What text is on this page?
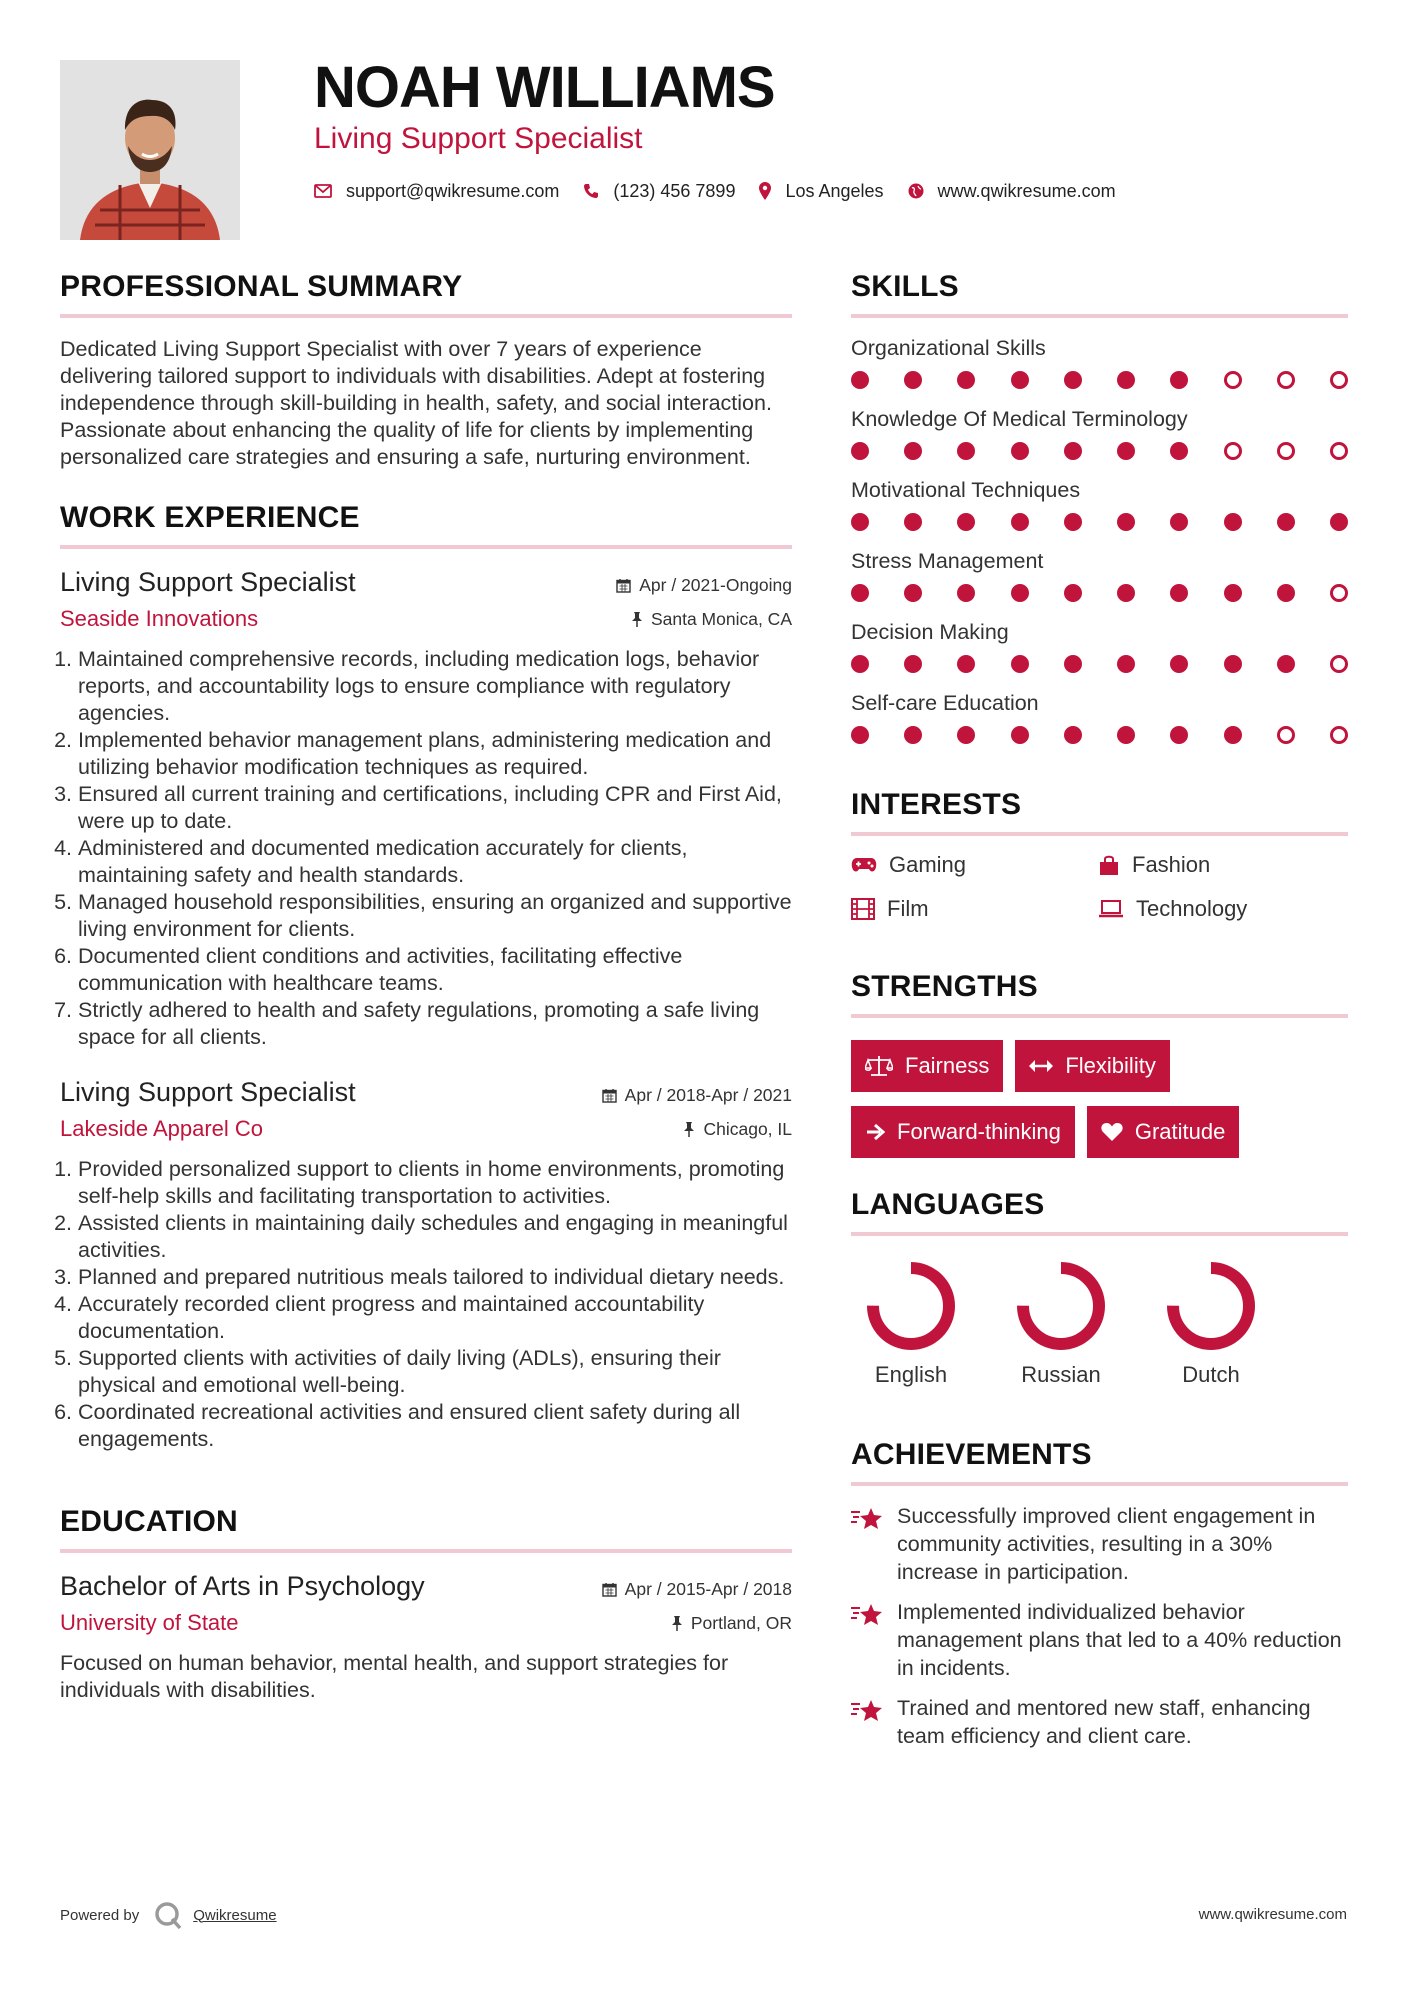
NOAH WILLIAMS
Living Support Specialist
support@qwikresume.com	(123) 456 7899	Los Angeles	www.qwikresume.com
PROFESSIONAL SUMMARY

Dedicated Living Support Specialist with over 7 years of experience delivering tailored support to individuals with disabilities. Adept at fostering independence through skill-building in health, safety, and social interaction. Passionate about enhancing the quality of life for clients by implementing personalized care strategies and ensuring a safe, nurturing environment.

WORK EXPERIENCE
Living Support Specialist
Seaside Innovations
Apr / 2021-Ongoing
Santa Monica, CA
1. Maintained comprehensive records, including medication logs, behavior reports, and accountability logs to ensure compliance with regulatory agencies.
2. Implemented behavior management plans, administering medication and utilizing behavior modification techniques as required.
3. Ensured all current training and certifications, including CPR and First Aid, were up to date.
4. Administered and documented medication accurately for clients, maintaining safety and health standards.
5. Managed household responsibilities, ensuring an organized and supportive living environment for clients.
6. Documented client conditions and activities, facilitating effective communication with healthcare teams.
7. Strictly adhered to health and safety regulations, promoting a safe living space for all clients.
Living Support Specialist
Lakeside Apparel Co
Apr / 2018-Apr / 2021
Chicago, IL
1. Provided personalized support to clients in home environments, promoting self-help skills and facilitating transportation to activities.
2. Assisted clients in maintaining daily schedules and engaging in meaningful activities.
3. Planned and prepared nutritious meals tailored to individual dietary needs.
4. Accurately recorded client progress and maintained accountability documentation.
5. Supported clients with activities of daily living (ADLs), ensuring their physical and emotional well-being.
6. Coordinated recreational activities and ensured client safety during all engagements.
EDUCATION
Bachelor of Arts in Psychology
University of State
Apr / 2015-Apr / 2018
Portland, OR
Focused on human behavior, mental health, and support strategies for individuals with disabilities.
SKILLS
Organizational Skills
Knowledge Of Medical Terminology
Motivational Techniques
Stress Management
Decision Making
Self-care Education
INTERESTS
Gaming	Fashion
Film	Technology
STRENGTHS
Fairness	Flexibility
Forward-thinking	Gratitude
LANGUAGES
English	Russian	Dutch
ACHIEVEMENTS
Successfully improved client engagement in community activities, resulting in a 30% increase in participation.
Implemented individualized behavior management plans that led to a 40% reduction in incidents.
Trained and mentored new staff, enhancing team efficiency and client care.
Powered by	Qwikresume	www.qwikresume.com
